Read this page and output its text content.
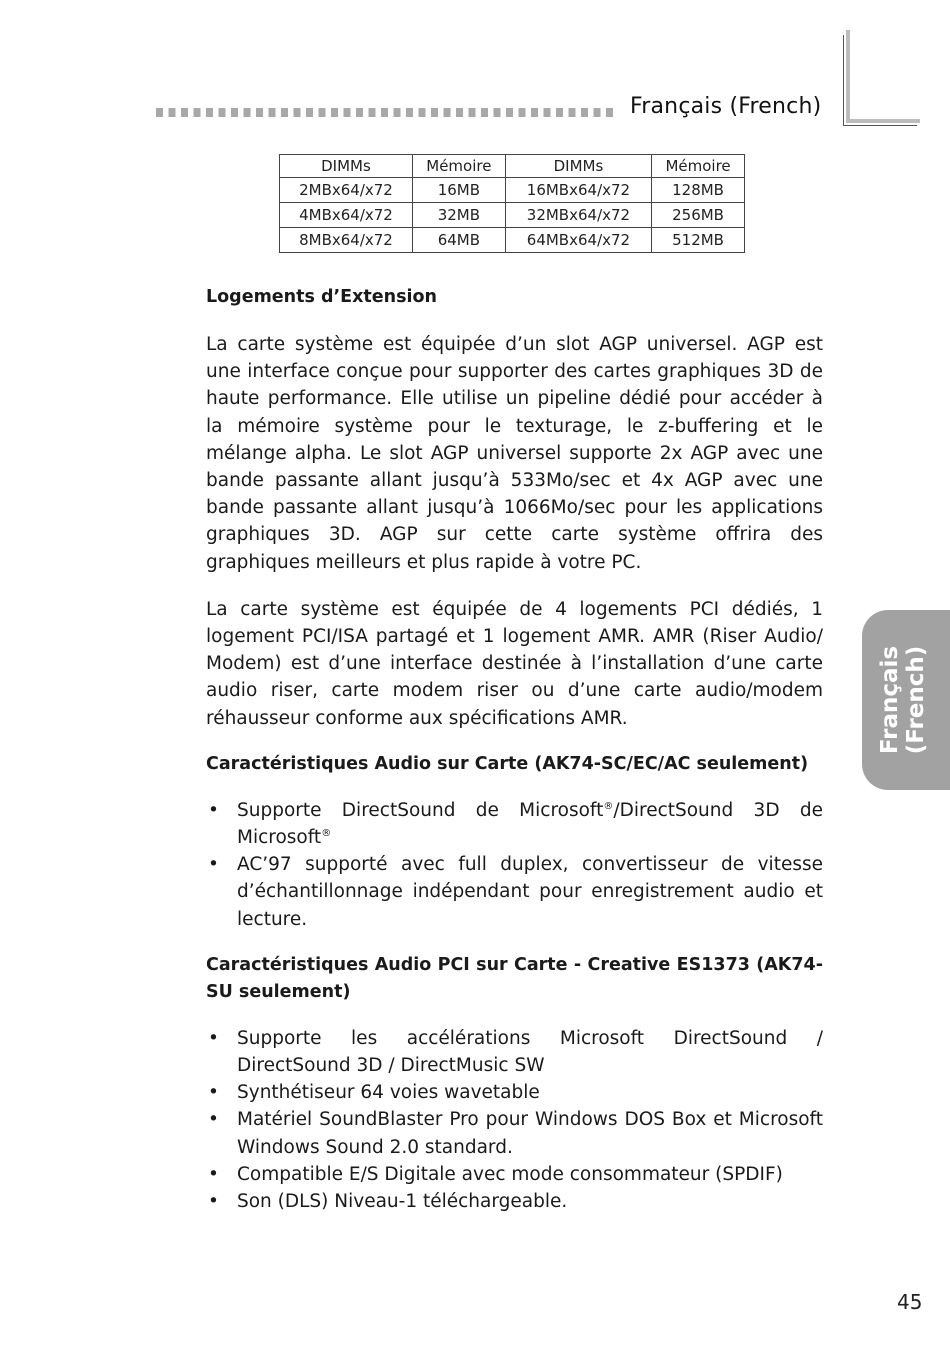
Français (French)
DIMMs	Mémoire	DIMMs	Mémoire
2MBx64/x72	16MB	16MBx64/x72	128MB
4MBx64/x72	32MB	32MBx64/x72	256MB
8MBx64/x72	64MB	64MBx64/x72	512MB
Logements d’Extension

La carte système est équipée d’un slot AGP universel. AGP est une interface conçue pour supporter des cartes graphiques 3D de haute performance. Elle utilise un pipeline dédié pour accéder à la mémoire système pour le texturage, le z-buffering et le mélange alpha. Le slot AGP universel supporte 2x AGP avec une bande passante allant jusqu’à 533Mo/sec et 4x AGP avec une bande passante allant jusqu’à 1066Mo/sec pour les applications graphiques 3D. AGP sur cette carte système offrira des graphiques meilleurs et plus rapide à votre PC.

La carte système est équipée de 4 logements PCI dédiés, 1 logement PCI/ISA partagé et 1 logement AMR. AMR (Riser Audio/ Modem) est d’une interface destinée à l’installation d’une carte audio riser, carte modem riser ou d’une carte audio/modem réhausseur conforme aux spécifications AMR.

Caractéristiques Audio sur Carte (AK74-SC/EC/AC seulement)
• Supporte DirectSound de Microsoft®/DirectSound 3D de Microsoft®
• AC’97 supporté avec full duplex, convertisseur de vitesse d’échantillonnage indépendant pour enregistrement audio et lecture.
Caractéristiques Audio PCI sur Carte - Creative ES1373 (AK74-SU seulement)
• Supporte les accélérations Microsoft DirectSound / DirectSound 3D / DirectMusic SW
• Synthétiseur 64 voies wavetable
• Matériel SoundBlaster Pro pour Windows DOS Box et Microsoft Windows Sound 2.0 standard.
• Compatible E/S Digitale avec mode consommateur (SPDIF)
• Son (DLS) Niveau-1 téléchargeable.
Français (French)
45
